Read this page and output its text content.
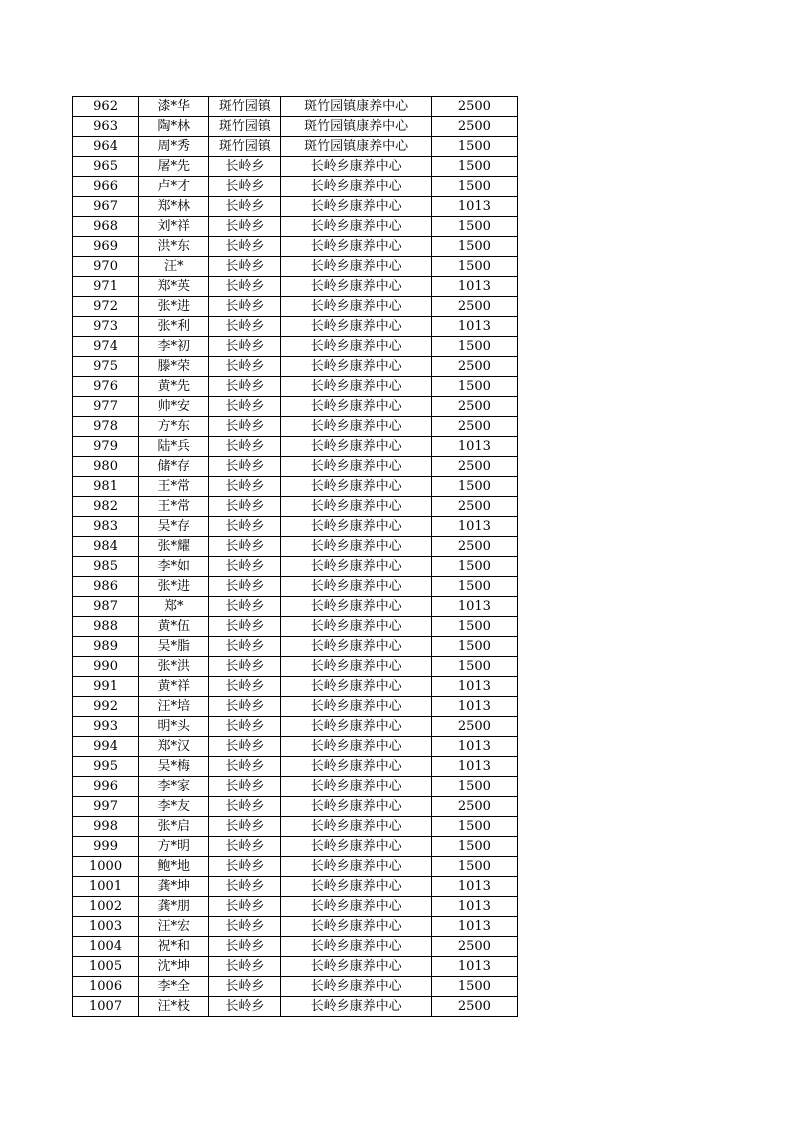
962	漆*华	斑竹园镇	斑竹园镇康养中心	2500
963	陶*林	斑竹园镇	斑竹园镇康养中心	2500
964	周*秀	斑竹园镇	斑竹园镇康养中心	1500
965	屠*先	长岭乡	长岭乡康养中心	1500
966	卢*才	长岭乡	长岭乡康养中心	1500
967	郑*林	长岭乡	长岭乡康养中心	1013
968	刘*祥	长岭乡	长岭乡康养中心	1500
969	洪*东	长岭乡	长岭乡康养中心	1500
970	汪*	长岭乡	长岭乡康养中心	1500
971	郑*英	长岭乡	长岭乡康养中心	1013
972	张*进	长岭乡	长岭乡康养中心	2500
973	张*利	长岭乡	长岭乡康养中心	1013
974	李*初	长岭乡	长岭乡康养中心	1500
975	滕*荣	长岭乡	长岭乡康养中心	2500
976	黄*先	长岭乡	长岭乡康养中心	1500
977	帅*安	长岭乡	长岭乡康养中心	2500
978	方*东	长岭乡	长岭乡康养中心	2500
979	陆*兵	长岭乡	长岭乡康养中心	1013
980	储*存	长岭乡	长岭乡康养中心	2500
981	王*常	长岭乡	长岭乡康养中心	1500
982	王*常	长岭乡	长岭乡康养中心	2500
983	吴*存	长岭乡	长岭乡康养中心	1013
984	张*耀	长岭乡	长岭乡康养中心	2500
985	李*如	长岭乡	长岭乡康养中心	1500
986	张*进	长岭乡	长岭乡康养中心	1500
987	郑*	长岭乡	长岭乡康养中心	1013
988	黄*伍	长岭乡	长岭乡康养中心	1500
989	吴*脂	长岭乡	长岭乡康养中心	1500
990	张*洪	长岭乡	长岭乡康养中心	1500
991	黄*祥	长岭乡	长岭乡康养中心	1013
992	汪*培	长岭乡	长岭乡康养中心	1013
993	明*头	长岭乡	长岭乡康养中心	2500
994	郑*汉	长岭乡	长岭乡康养中心	1013
995	吴*梅	长岭乡	长岭乡康养中心	1013
996	李*家	长岭乡	长岭乡康养中心	1500
997	李*友	长岭乡	长岭乡康养中心	2500
998	张*启	长岭乡	长岭乡康养中心	1500
999	方*明	长岭乡	长岭乡康养中心	1500
1000	鲍*地	长岭乡	长岭乡康养中心	1500
1001	龚*坤	长岭乡	长岭乡康养中心	1013
1002	龚*朋	长岭乡	长岭乡康养中心	1013
1003	汪*宏	长岭乡	长岭乡康养中心	1013
1004	祝*和	长岭乡	长岭乡康养中心	2500
1005	沈*坤	长岭乡	长岭乡康养中心	1013
1006	李*全	长岭乡	长岭乡康养中心	1500
1007	汪*枝	长岭乡	长岭乡康养中心	2500
